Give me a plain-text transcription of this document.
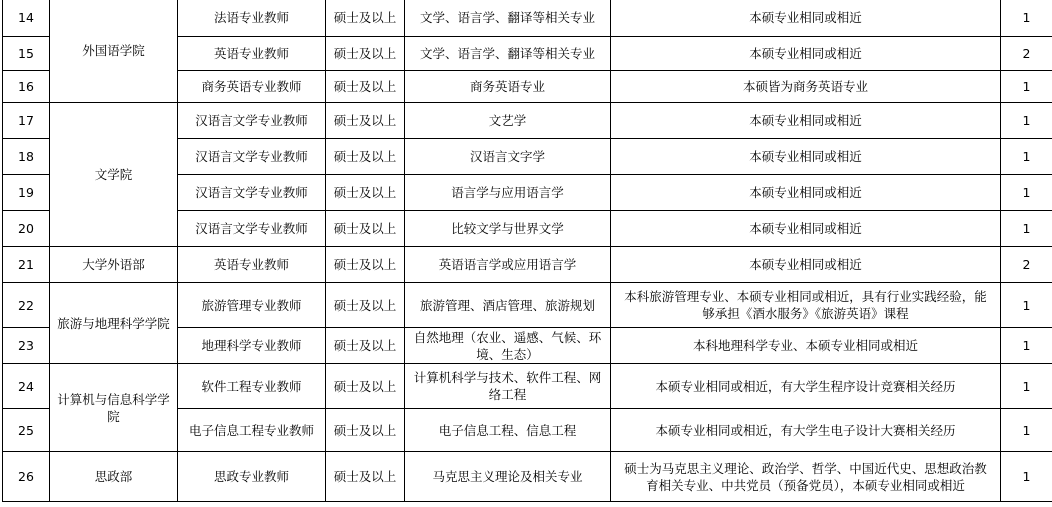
14	外国语学院	法语专业教师	硕士及以上	文学、语言学、翻译等相关专业	本硕专业相同或相近	1
15		英语专业教师	硕士及以上	文学、语言学、翻译等相关专业	本硕专业相同或相近	2
16		商务英语专业教师	硕士及以上	商务英语专业	本硕皆为商务英语专业	1
17	文学院	汉语言文学专业教师	硕士及以上	文艺学	本硕专业相同或相近	1
18		汉语言文学专业教师	硕士及以上	汉语言文字学	本硕专业相同或相近	1
19		汉语言文学专业教师	硕士及以上	语言学与应用语言学	本硕专业相同或相近	1
20		汉语言文学专业教师	硕士及以上	比较文学与世界文学	本硕专业相同或相近	1
21	大学外语部	英语专业教师	硕士及以上	英语语言学或应用语言学	本硕专业相同或相近	2
22	旅游与地理科学学院	旅游管理专业教师	硕士及以上	旅游管理、酒店管理、旅游规划	本科旅游管理专业、本硕专业相同或相近，具有行业实践经验，能够承担《酒水服务》《旅游英语》课程	1
23		地理科学专业教师	硕士及以上	自然地理（农业、遥感、气候、环境、生态）	本科地理科学专业、本硕专业相同或相近	1
24	计算机与信息科学学院	软件工程专业教师	硕士及以上	计算机科学与技术、软件工程、网络工程	本硕专业相同或相近，有大学生程序设计竞赛相关经历	1
25		电子信息工程专业教师	硕士及以上	电子信息工程、信息工程	本硕专业相同或相近，有大学生电子设计大赛相关经历	1
26	思政部	思政专业教师	硕士及以上	马克思主义理论及相关专业	硕士为马克思主义理论、政治学、哲学、中国近代史、思想政治教育相关专业、中共党员（预备党员），本硕专业相同或相近	1
